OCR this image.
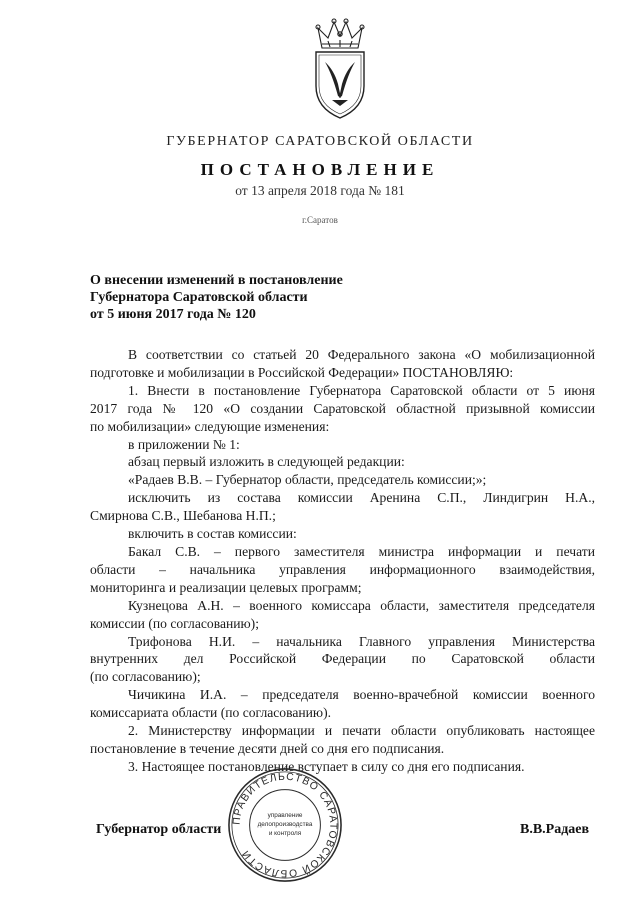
ГУБЕРНАТОР САРАТОВСКОЙ ОБЛАСТИ
ПОСТАНОВЛЕНИЕ
от 13 апреля 2018 года № 181
г.Саратов
О внесении изменений в постановление
Губернатора Саратовской области
от 5 июня 2017 года № 120
В соответствии со статьей 20 Федерального закона «О мобилизационной
подготовке и мобилизации в Российской Федерации» ПОСТАНОВЛЯЮ:
1. Внести в постановление Губернатора Саратовской области от 5 июня
2017 года № 120 «О создании Саратовской областной призывной комиссии
по мобилизации» следующие изменения:
в приложении № 1:
абзац первый изложить в следующей редакции:
«Радаев В.В. – Губернатор области, председатель комиссии;»;
исключить из состава комиссии Аренина С.П., Линдигрин Н.А.,
Смирнова С.В., Шебанова Н.П.;
включить в состав комиссии:
Бакал С.В. – первого заместителя министра информации и печати
области – начальника управления информационного взаимодействия,
мониторинга и реализации целевых программ;
Кузнецова А.Н. – военного комиссара области, заместителя председателя
комиссии (по согласованию);
Трифонова Н.И. – начальника Главного управления Министерства
внутренних дел Российской Федерации по Саратовской области
(по согласованию);
Чичикина И.А. – председателя военно-врачебной комиссии военного
комиссариата области (по согласованию).
2. Министерству информации и печати области опубликовать настоящее
постановление в течение десяти дней со дня его подписания.
3. Настоящее постановление вступает в силу со дня его подписания.
Губернатор области	В.В.Радаев
ПРАВИТЕЛЬСТВО САРАТОВСКОЙ ОБЛАСТИ
управление
делопроизводства
и контроля
